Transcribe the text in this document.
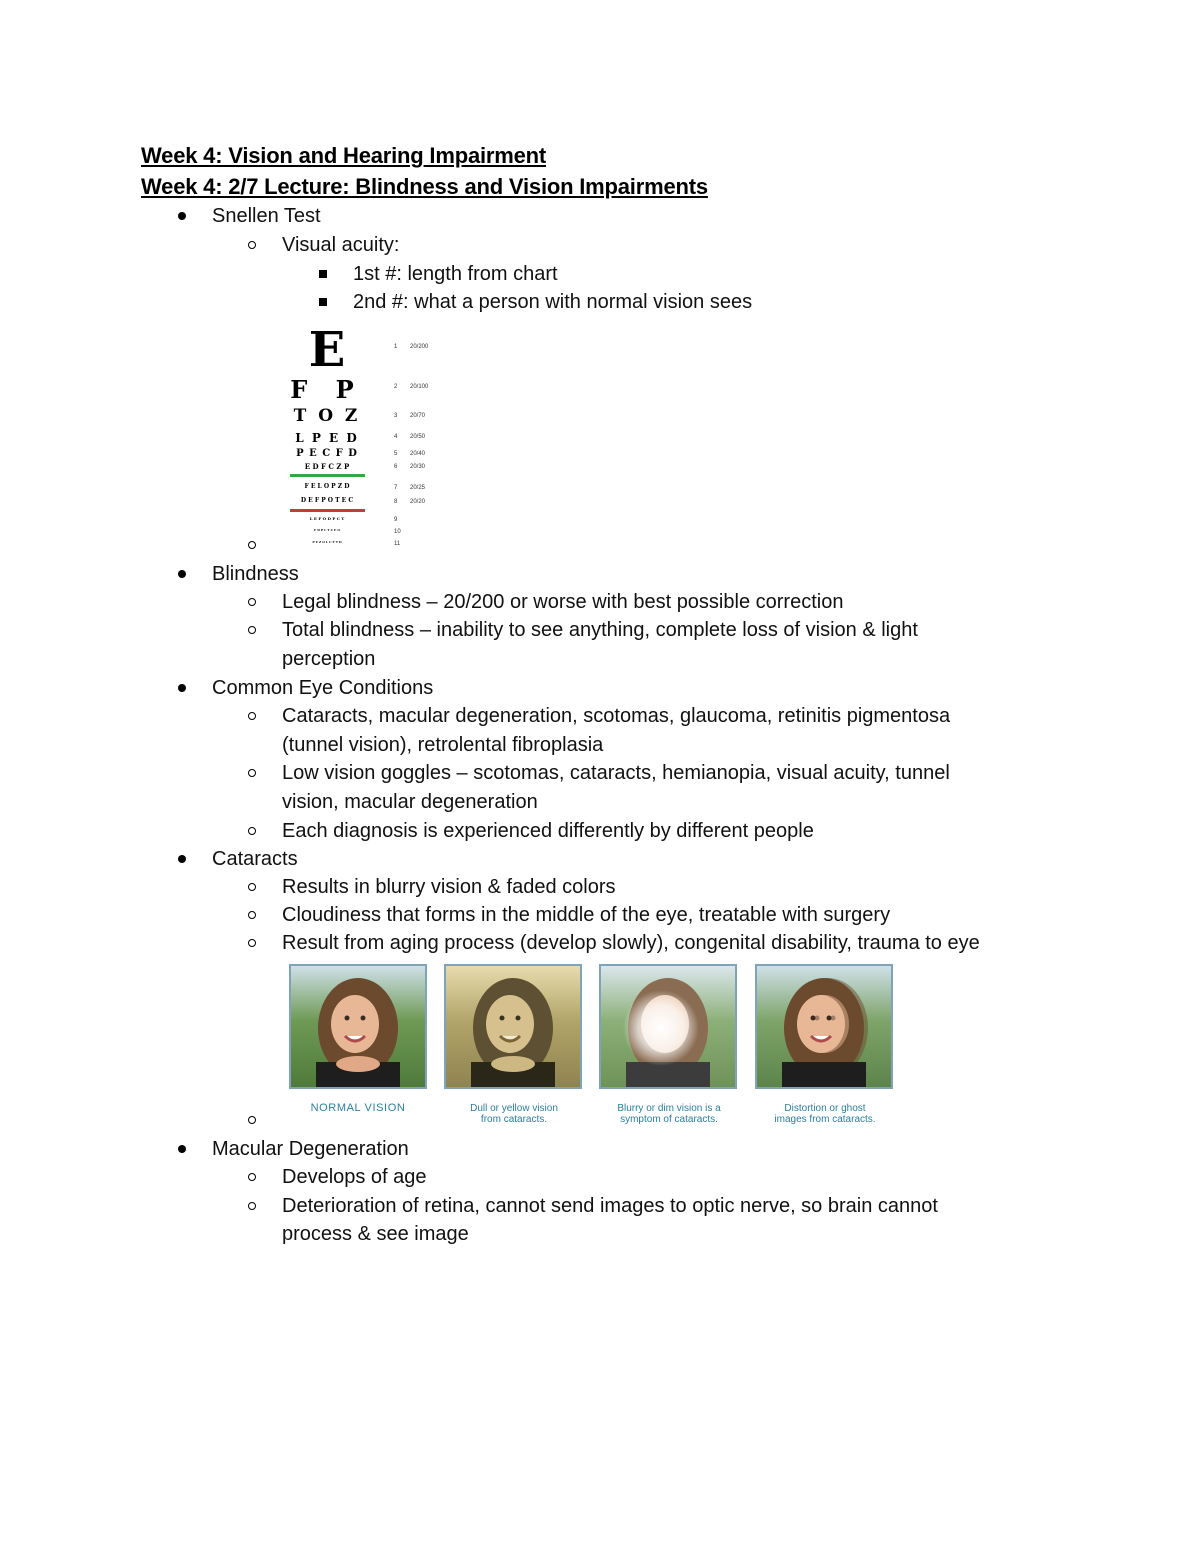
Week 4: Vision and Hearing Impairment
Week 4: 2/7 Lecture: Blindness and Vision Impairments
Snellen Test
Visual acuity:
1st #: length from chart
2nd #: what a person with normal vision sees
E
F P
T O Z
L P E D
P E C F D
E D F C Z P
F E L O P Z D
D E F P O T E C
L E F O D P C T
F D P L T C E O
P E Z O L C F T D
1 20/200
2 20/100
3 20/70
4 20/50
5 20/40
6 20/30
7 20/25
8 20/20
9
10
11
Blindness
Legal blindness – 20/200 or worse with best possible correction
Total blindness – inability to see anything, complete loss of vision & light
perception
Common Eye Conditions
Cataracts, macular degeneration, scotomas, glaucoma, retinitis pigmentosa
(tunnel vision), retrolental fibroplasia
Low vision goggles – scotomas, cataracts, hemianopia, visual acuity, tunnel
vision, macular degeneration
Each diagnosis is experienced differently by different people
Cataracts
Results in blurry vision & faded colors
Cloudiness that forms in the middle of the eye, treatable with surgery
Result from aging process (develop slowly), congenital disability, trauma to eye
NORMAL VISION	Dull or yellow vision
from cataracts.
Blurry or dim vision is a
symptom of cataracts.
Distortion or ghost
images from cataracts.
Macular Degeneration
Develops of age
Deterioration of retina, cannot send images to optic nerve, so brain cannot
process & see image
